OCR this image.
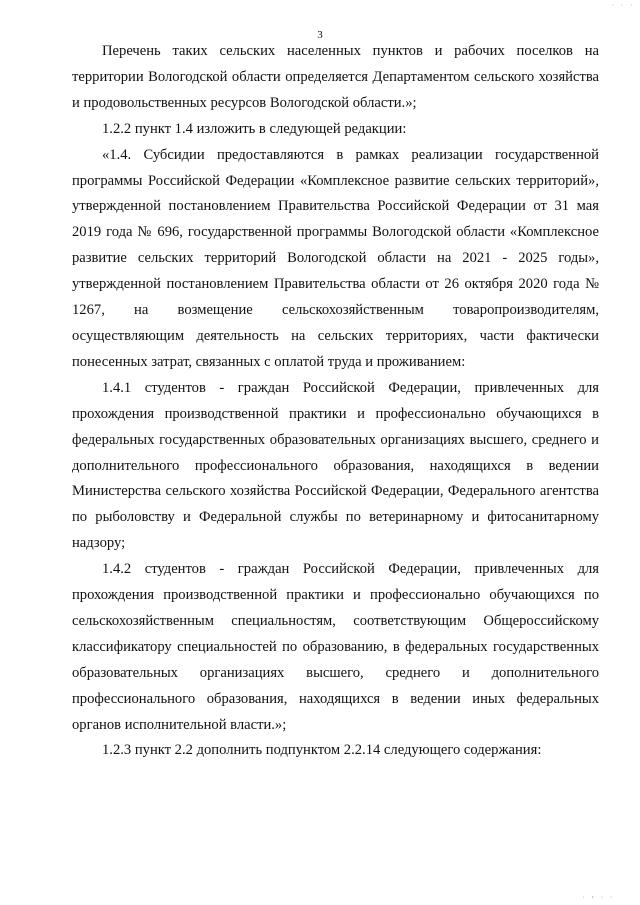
· · ·
3

Перечень таких сельских населенных пунктов и рабочих поселков на территории Вологодской области определяется Департаментом сельского хозяйства и продовольственных ресурсов Вологодской области.»;

1.2.2 пункт 1.4 изложить в следующей редакции:

«1.4. Субсидии предоставляются в рамках реализации государственной программы Российской Федерации «Комплексное развитие сельских территорий», утвержденной постановлением Правительства Российской Федерации от 31 мая 2019 года № 696, государственной программы Вологодской области «Комплексное развитие сельских территорий Вологодской области на 2021 - 2025 годы», утвержденной постановлением Правительства области от 26 октября 2020 года № 1267, на возмещение сельскохозяйственным товаропроизводителям, осуществляющим деятельность на сельских территориях, части фактически понесенных затрат, связанных с оплатой труда и проживанием:

1.4.1 студентов - граждан Российской Федерации, привлеченных для прохождения производственной практики и профессионально обучающихся в федеральных государственных образовательных организациях высшего, среднего и дополнительного профессионального образования, находящихся в ведении Министерства сельского хозяйства Российской Федерации, Федерального агентства по рыболовству и Федеральной службы по ветеринарному и фитосанитарному надзору;

1.4.2 студентов - граждан Российской Федерации, привлеченных для прохождения производственной практики и профессионально обучающихся по сельскохозяйственным специальностям, соответствующим Общероссийскому классификатору специальностей по образованию, в федеральных государственных образовательных организациях высшего, среднего и дополнительного профессионального образования, находящихся в ведении иных федеральных органов исполнительной власти.»;

1.2.3 пункт 2.2 дополнить подпунктом 2.2.14 следующего содержания:

· ‹ · ·
